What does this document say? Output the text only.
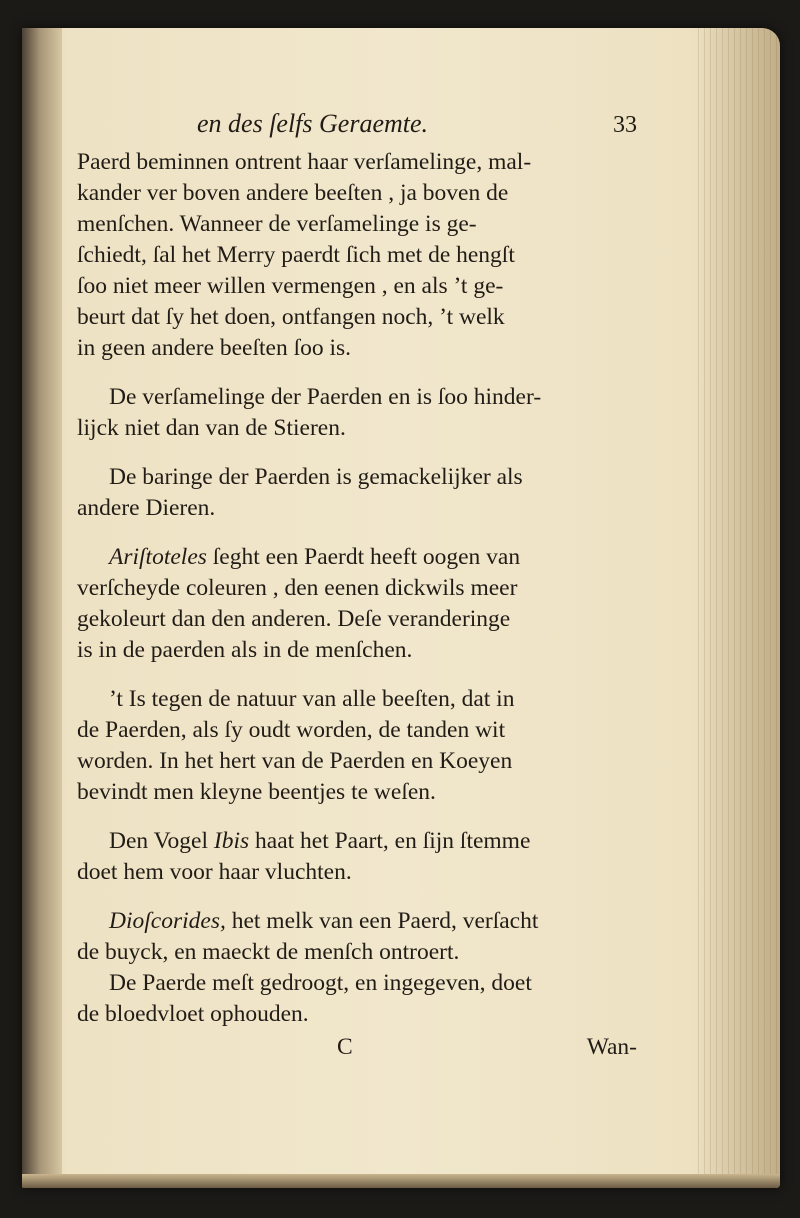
en des ſelfs Geraemte.	33

Paerd beminnen ontrent haar verſamelinge, mal-
kander ver boven andere beeſten , ja boven de
menſchen. Wanneer de verſamelinge is ge-
ſchiedt, ſal het Merry paerdt ſich met de hengſt
ſoo niet meer willen vermengen , en als ’t ge-
beurt dat ſy het doen, ontfangen noch, ’t welk
in geen andere beeſten ſoo is.

De verſamelinge der Paerden en is ſoo hinder-
lijck niet dan van de Stieren.

De baringe der Paerden is gemackelijker als
andere Dieren.

Ariſtoteles ſeght een Paerdt heeft oogen van
verſcheyde coleuren , den eenen dickwils meer
gekoleurt dan den anderen. Deſe veranderinge
is in de paerden als in de menſchen.

’t Is tegen de natuur van alle beeſten, dat in
de Paerden, als ſy oudt worden, de tanden wit
worden. In het hert van de Paerden en Koeyen
bevindt men kleyne beentjes te weſen.

Den Vogel Ibis haat het Paart, en ſijn ſtemme
doet hem voor haar vluchten.

Dioſcorides, het melk van een Paerd, verſacht
de buyck, en maeckt de menſch ontroert.

De Paerde meſt gedroogt, en ingegeven, doet
de bloedvloet ophouden.

C	Wan-
